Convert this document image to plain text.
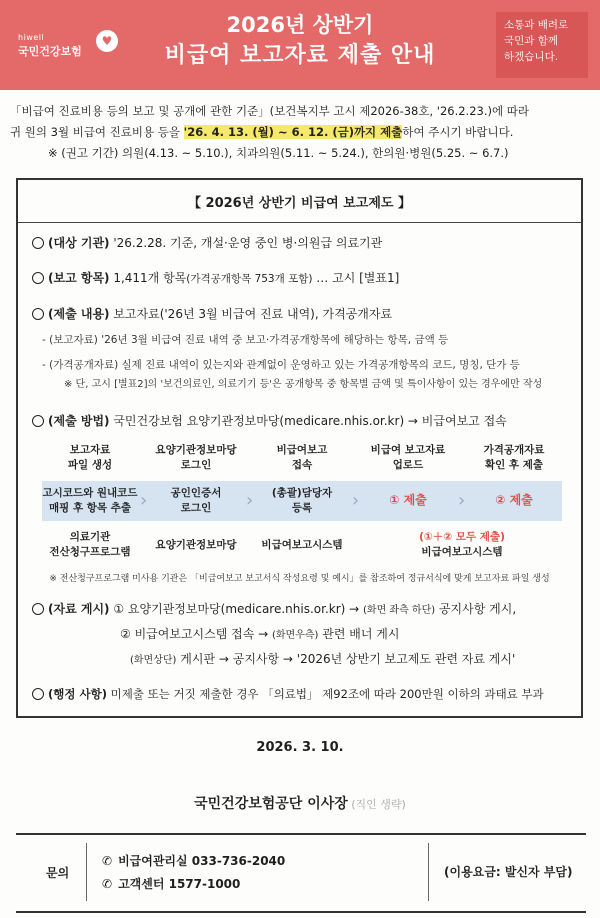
hiwell
국민건강보험
♥
2026년 상반기
비급여 보고자료 제출 안내
소통과 배려로
국민과 함께
하겠습니다.
「비급여 진료비용 등의 보고 및 공개에 관한 기준」(보건복지부 고시 제2026-38호, '26.2.23.)에 따라
귀 원의 3월 비급여 진료비용 등을 '26. 4. 13. (월) ~ 6. 12. (금)까지 제출하여 주시기 바랍니다.
※ (권고 기간) 의원(4.13. ~ 5.10.), 치과의원(5.11. ~ 5.24.), 한의원·병원(5.25. ~ 6.7.)
【 2026년 상반기 비급여 보고제도 】
(대상 기관) '26.2.28. 기준, 개설·운영 중인 병·의원급 의료기관
(보고 항목) 1,411개 항목(가격공개항목 753개 포함) … 고시 [별표1]
(제출 내용) 보고자료('26년 3월 비급여 진료 내역), 가격공개자료
- (보고자료) '26년 3월 비급여 진료 내역 중 보고·가격공개항목에 해당하는 항목, 금액 등
- (가격공개자료) 실제 진료 내역이 있는지와 관계없이 운영하고 있는 가격공개항목의 코드, 명칭, 단가 등
※ 단, 고시 [별표2]의 '보건의료인, 의료기기 등'은 공개항목 중 항목별 금액 및 특이사항이 있는 경우에만 작성
(제출 방법) 국민건강보험 요양기관정보마당(medicare.nhis.or.kr) → 비급여보고 접속
보고자료
파일 생성
요양기관정보마당
로그인
비급여보고
접속
비급여 보고자료
업로드
가격공개자료
확인 후 제출
고시코드와 원내코드
매핑 후 항목 추출 ›	공인인증서
로그인	›	(총괄)담당자
등록	›	① 제출	›	② 제출
의료기관
전산청구프로그램
요양기관정보마당	비급여보고시스템
(①＋② 모두 제출)
비급여보고시스템
※ 전산청구프로그램 미사용 기관은 「비급여보고 보고서식 작성요령 및 예시」를 참조하여 정규서식에 맞게 보고자료 파일 생성
(자료 게시) ① 요양기관정보마당(medicare.nhis.or.kr) → (화면 좌측 하단) 공지사항 게시,
② 비급여보고시스템 접속 → (화면우측) 관련 배너 게시
(화면상단) 게시판 → 공지사항 → '2026년 상반기 보고제도 관련 자료 게시'
(행정 사항) 미제출 또는 거짓 제출한 경우 「의료법」 제92조에 따라 200만원 이하의 과태료 부과
2026. 3. 10.
국민건강보험공단 이사장 (직인 생략)
문의
✆ 비급여관리실 033-736-2040
✆ 고객센터 1577-1000
(이용요금: 발신자 부담)
